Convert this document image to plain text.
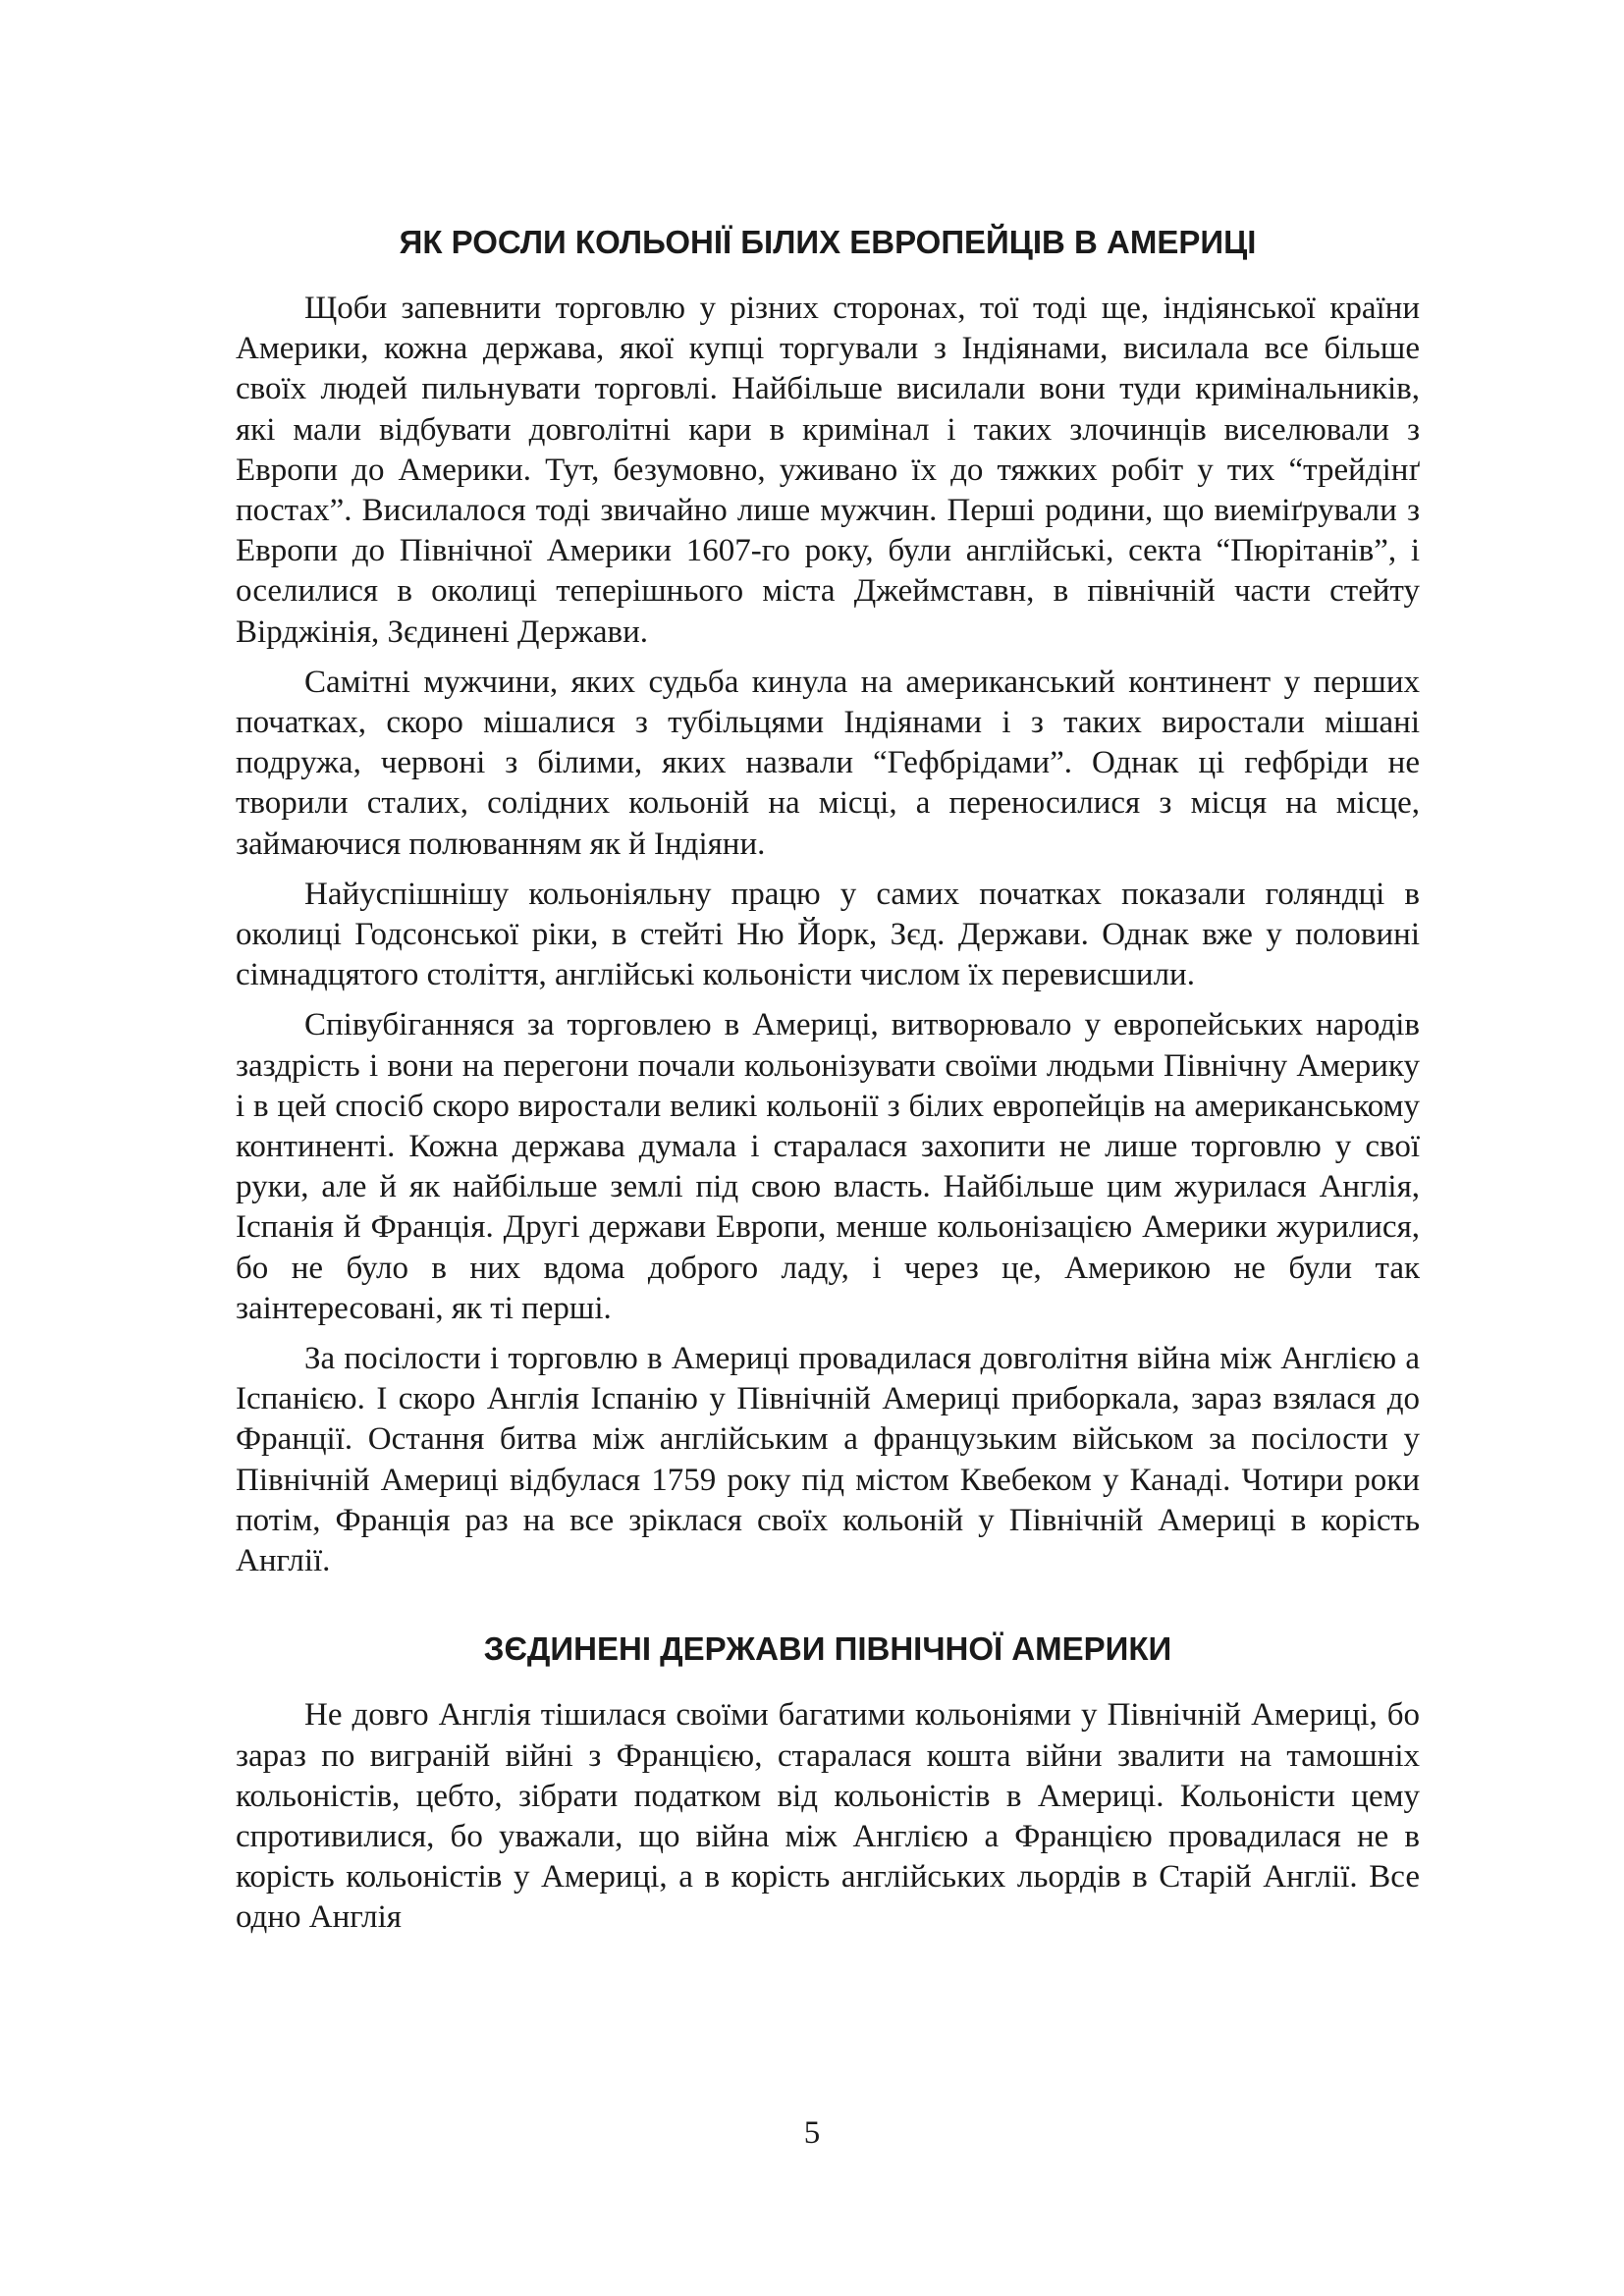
ЯК РОСЛИ КОЛЬОНІЇ БІЛИХ ЕВРОПЕЙЦІВ В АМЕРИЦІ

Щоби запевнити торговлю у різних сторонах, тої тоді ще, індіянської країни Америки, кожна держава, якої купці торгували з Індіянами, висилала все більше своїх людей пильнувати торговлі. Найбільше висилали вони туди кримінальників, які мали відбувати довголітні кари в кримінал і таких злочинців виселювали з Европи до Америки. Тут, безумовно, уживано їх до тяжких робіт у тих “трейдінґ постах”. Висилалося тоді звичайно лише мужчин. Перші родини, що виеміґрували з Европи до Північної Америки 1607-го року, були англійські, секта “Пюрітанів”, і оселилися в околиці теперішнього міста Джеймставн, в північній части стейту Вірджінія, Зєдинені Держави.

Самітні мужчини, яких судьба кинула на американський континент у перших початках, скоро мішалися з тубільцями Індіянами і з таких виростали мішані подружа, червоні з білими, яких назвали “Гефбрідами”. Однак ці гефбріди не творили сталих, солідних кольоній на місці, а переносилися з місця на місце, займаючися полюванням як й Індіяни.

Найуспішнішу кольоніяльну працю у самих початках показали голяндці в околиці Годсонської ріки, в стейті Ню Йорк, Зєд. Держави. Однак вже у половині сімнадцятого століття, англійські кольоністи числом їх перевисшили.

Співубіганняся за торговлею в Америці, витворювало у европейських народів заздрість і вони на перегони почали кольонізувати своїми людьми Північну Америку і в цей спосіб скоро виростали великі кольонії з білих европейців на американському континенті. Кожна держава думала і старалася захопити не лише торговлю у свої руки, але й як найбільше землі під свою власть. Найбільше цим журилася Англія, Іспанія й Франція. Другі держави Европи, менше кольонізацією Америки журилися, бо не було в них вдома доброго ладу, і через це, Америкою не були так заінтересовані, як ті перші.

За посілости і торговлю в Америці провадилася довголітня війна між Англією а Іспанією. І скоро Англія Іспанію у Північній Америці приборкала, зараз взялася до Франції. Остання битва між англійським а французьким військом за посілости у Північній Америці відбулася 1759 року під містом Квебеком у Канаді. Чотири роки потім, Франція раз на все зріклася своїх кольоній у Північній Америці в корість Англії.

ЗЄДИНЕНІ ДЕРЖАВИ ПІВНІЧНОЇ АМЕРИКИ

Не довго Англія тішилася своїми багатими кольоніями у Північній Америці, бо зараз по виграній війні з Францією, старалася кошта війни звалити на тамошніх кольоністів, цебто, зібрати податком від кольоністів в Америці. Кольоністи цему спротивилися, бо уважали, що війна між Англією а Францією провадилася не в корість кольоністів у Америці, а в корість англійських льордів в Старій Англії. Все одно Англія

5
